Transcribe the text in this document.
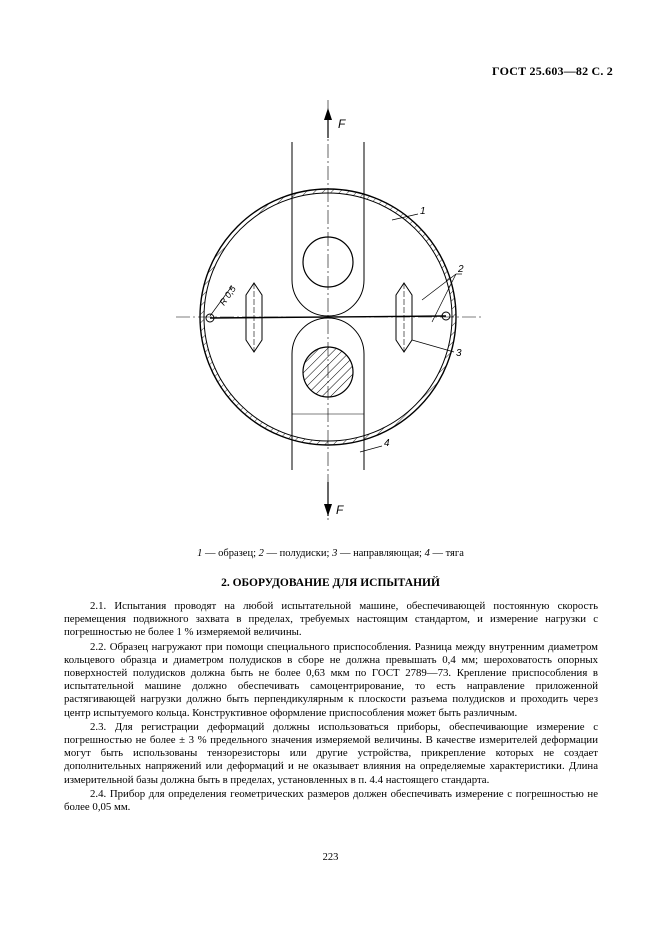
ГОСТ 25.603—82 С. 2
F
F
R 0,5
1
2
3
4
1 — образец; 2 — полудиски; 3 — направляющая; 4 — тяга
2. ОБОРУДОВАНИЕ ДЛЯ ИСПЫТАНИЙ

2.1. Испытания проводят на любой испытательной машине, обеспечивающей постоянную скорость перемещения подвижного захвата в пределах, требуемых настоящим стандартом, и измерение нагрузки с погрешностью не более 1 % измеряемой величины.

2.2. Образец нагружают при помощи специального приспособления. Разница между внутренним диаметром кольцевого образца и диаметром полудисков в сборе не должна превышать 0,4 мм; шероховатость опорных поверхностей полудисков должна быть не более 0,63 мкм по ГОСТ 2789—73. Крепление приспособления в испытательной машине должно обеспечивать самоцентрирование, то есть направление приложенной растягивающей нагрузки должно быть перпендикулярным к плоскости разъема полудисков и проходить через центр испытуемого кольца. Конструктивное оформление приспособления может быть различным.

2.3. Для регистрации деформаций должны использоваться приборы, обеспечивающие измерение с погрешностью не более ± 3 % предельного значения измеряемой величины. В качестве измерителей деформации могут быть использованы тензорезисторы или другие устройства, прикрепление которых не создает дополнительных напряжений или деформаций и не оказывает влияния на определяемые характеристики. Длина измерительной базы должна быть в пределах, установленных в п. 4.4 настоящего стандарта.

2.4. Прибор для определения геометрических размеров должен обеспечивать измерение с погрешностью не более 0,05 мм.

223
